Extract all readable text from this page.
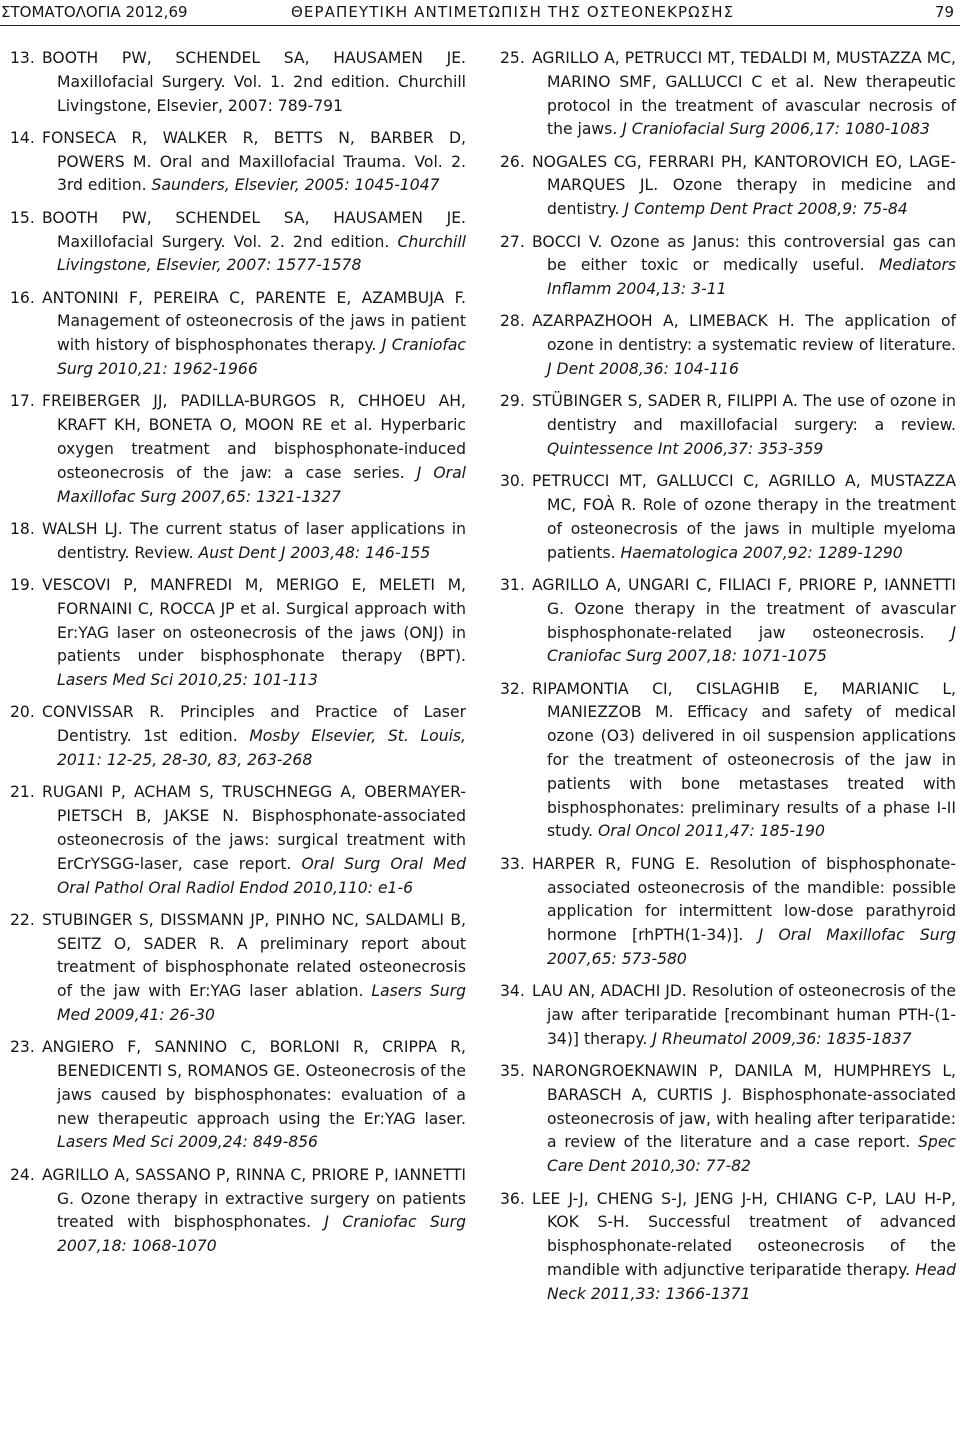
ΣΤΟΜΑΤΟΛΟΓΙΑ 2012,69	ΘΕΡΑΠΕΥΤΙΚΗ ΑΝΤΙΜΕΤΩΠΙΣΗ ΤΗΣ ΟΣΤΕΟΝΕΚΡΩΣΗΣ	79
13. BOOTH PW, SCHENDEL SA, HAUSAMEN JE. Maxillofacial Surgery. Vol. 1. 2nd edition. Churchill Livingstone, Elsevier, 2007: 789-791
14. FONSECA R, WALKER R, BETTS N, BARBER D, POWERS M. Oral and Maxillofacial Trauma. Vol. 2. 3rd edition. Saunders, Elsevier, 2005: 1045-1047
15. BOOTH PW, SCHENDEL SA, HAUSAMEN JE. Maxillofacial Surgery. Vol. 2. 2nd edition. Churchill Livingstone, Elsevier, 2007: 1577-1578
16. ANTONINI F, PEREIRA C, PARENTE E, AZAMBUJA F. Management of osteonecrosis of the jaws in patient with history of bisphosphonates therapy. J Craniofac Surg 2010,21: 1962-1966
17. FREIBERGER JJ, PADILLA-BURGOS R, CHHOEU AH, KRAFT KH, BONETA O, MOON RE et al. Hyperbaric oxygen treatment and bisphosphonate-induced osteonecrosis of the jaw: a case series. J Oral Maxillofac Surg 2007,65: 1321-1327
18. WALSH LJ. The current status of laser applications in dentistry. Review. Aust Dent J 2003,48: 146-155
19. VESCOVI P, MANFREDI M, MERIGO E, MELETI M, FORNAINI C, ROCCA JP et al. Surgical approach with Er:YAG laser on osteonecrosis of the jaws (ONJ) in patients under bisphosphonate therapy (BPT). Lasers Med Sci 2010,25: 101-113
20. CONVISSAR R. Principles and Practice of Laser Dentistry. 1st edition. Mosby Elsevier, St. Louis, 2011: 12-25, 28-30, 83, 263-268
21. RUGANI P, ACHAM S, TRUSCHNEGG A, OBERMAYER-PIETSCH B, JAKSE N. Bisphosphonate-associated osteonecrosis of the jaws: surgical treatment with ErCrYSGG-laser, case report. Oral Surg Oral Med Oral Pathol Oral Radiol Endod 2010,110: e1-6
22. STUBINGER S, DISSMANN JP, PINHO NC, SALDAMLI B, SEITZ O, SADER R. A preliminary report about treatment of bisphosphonate related osteonecrosis of the jaw with Er:YAG laser ablation. Lasers Surg Med 2009,41: 26-30
23. ANGIERO F, SANNINO C, BORLONI R, CRIPPA R, BENEDICENTI S, ROMANOS GE. Osteonecrosis of the jaws caused by bisphosphonates: evaluation of a new therapeutic approach using the Er:YAG laser. Lasers Med Sci 2009,24: 849-856
24. AGRILLO A, SASSANO P, RINNA C, PRIORE P, IANNETTI G. Ozone therapy in extractive surgery on patients treated with bisphosphonates. J Craniofac Surg 2007,18: 1068-1070
25. AGRILLO A, PETRUCCI MT, TEDALDI M, MUSTAZZA MC, MARINO SMF, GALLUCCI C et al. New therapeutic protocol in the treatment of avascular necrosis of the jaws. J Craniofacial Surg 2006,17: 1080-1083
26. NOGALES CG, FERRARI PH, KANTOROVICH EO, LAGE-MARQUES JL. Ozone therapy in medicine and dentistry. J Contemp Dent Pract 2008,9: 75-84
27. BOCCI V. Ozone as Janus: this controversial gas can be either toxic or medically useful. Mediators Inflamm 2004,13: 3-11
28. AZARPAZHOOH A, LIMEBACK H. The application of ozone in dentistry: a systematic review of literature. J Dent 2008,36: 104-116
29. STÜBINGER S, SADER R, FILIPPI A. The use of ozone in dentistry and maxillofacial surgery: a review. Quintessence Int 2006,37: 353-359
30. PETRUCCI MT, GALLUCCI C, AGRILLO A, MUSTAZZA MC, FOÀ R. Role of ozone therapy in the treatment of osteonecrosis of the jaws in multiple myeloma patients. Haematologica 2007,92: 1289-1290
31. AGRILLO A, UNGARI C, FILIACI F, PRIORE P, IANNETTI G. Ozone therapy in the treatment of avascular bisphosphonate-related jaw osteonecrosis. J Craniofac Surg 2007,18: 1071-1075
32. RIPAMONTIA CI, CISLAGHIB E, MARIANIC L, MANIEZZOB M. Efficacy and safety of medical ozone (O3) delivered in oil suspension applications for the treatment of osteonecrosis of the jaw in patients with bone metastases treated with bisphosphonates: preliminary results of a phase I-II study. Oral Oncol 2011,47: 185-190
33. HARPER R, FUNG E. Resolution of bisphosphonate-associated osteonecrosis of the mandible: possible application for intermittent low-dose parathyroid hormone [rhPTH(1-34)]. J Oral Maxillofac Surg 2007,65: 573-580
34. LAU AN, ADACHI JD. Resolution of osteonecrosis of the jaw after teriparatide [recombinant human PTH-(1-34)] therapy. J Rheumatol 2009,36: 1835-1837
35. NARONGROEKNAWIN P, DANILA M, HUMPHREYS L, BARASCH A, CURTIS J. Bisphosphonate-associated osteonecrosis of jaw, with healing after teriparatide: a review of the literature and a case report. Spec Care Dent 2010,30: 77-82
36. LEE J-J, CHENG S-J, JENG J-H, CHIANG C-P, LAU H-P, KOK S-H. Successful treatment of advanced bisphosphonate-related osteonecrosis of the mandible with adjunctive teriparatide therapy. Head Neck 2011,33: 1366-1371
